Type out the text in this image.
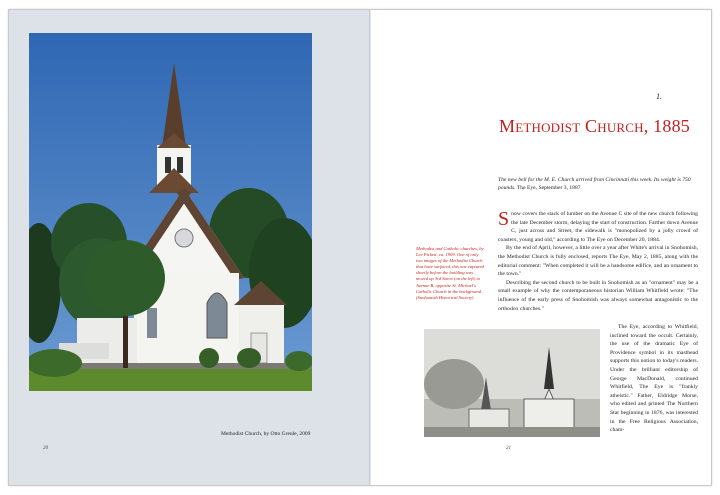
Methodist Church, by Otto Greule, 2009
20
1.
Methodist Church, 1885
The new bell for the M. E. Church arrived from Cincinnati this week. Its weight is 750 pounds. The Eye, September 3, 1887
Methodist and Catholic churches, by Lee Pickett, ca. 1909. One of only two images of the Methodist Church that have surfaced, this one captured shortly before the building was moved up 3rd Street (on the left) to Avenue B, opposite St. Michael's Catholic Church in the background. (Snohomish Historical Society)

Snow covers the stack of lumber on the Avenue C site of the new church following the late December storm, delaying the start of construction. Farther down Avenue C, just across and Street, the sidewalk is "monopolized by a jolly crowd of coasters, young and old," according to The Eye on December 20, 1884.

By the end of April, however, a little over a year after White's arrival in Snohomish, the Methodist Church is fully enclosed, reports The Eye, May 2, 1885, along with the editorial comment: "When completed it will be a handsome edifice, and an ornament to the town."

Describing the second church to be built in Snohomish as an "ornament" may be a small example of why the contemporaneous historian William Whitfield wrote: "The influence of the early press of Snohomish was always somewhat antagonistic to the orthodox churches."

The Eye, according to Whitfield, inclined toward the occult. Certainly, the use of the dramatic Eye of Providence symbol in its masthead supports this notion to today's readers. Under the brilliant editorship of George MacDonald, continued Whitfield, The Eye is "frankly atheistic." Father, Eldridge Morse, who edited and printed The Northern Star beginning in 1876, was interested in the Free Religious Association, cham-

21
